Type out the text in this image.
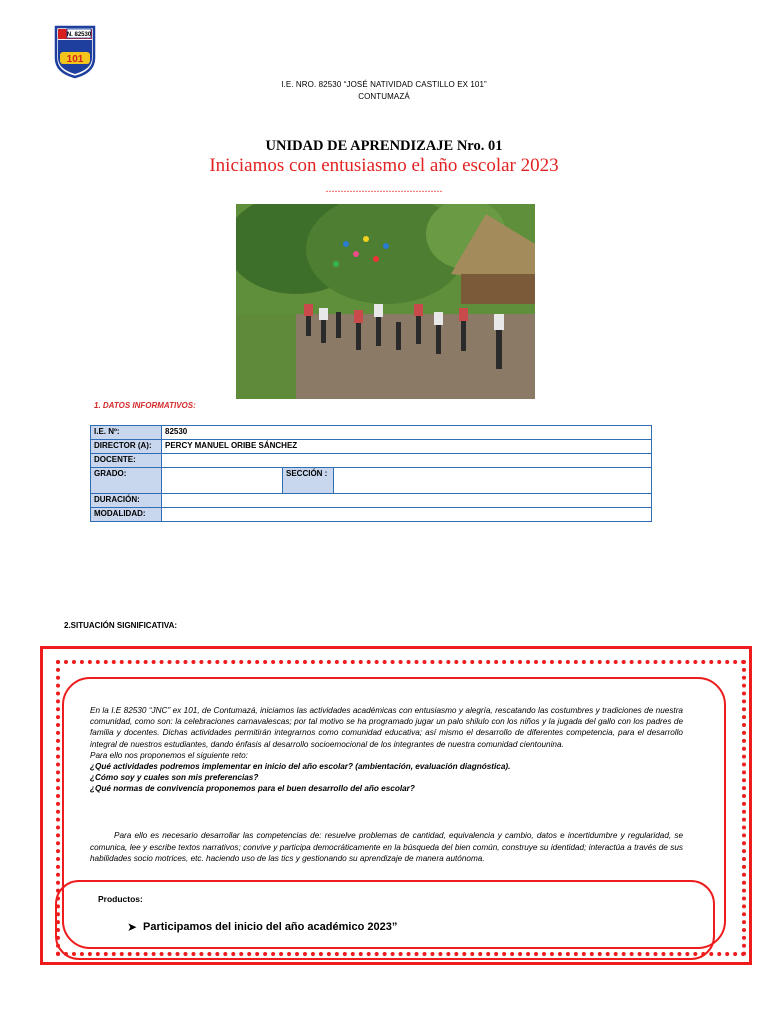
N. 82530
101
I.E. NRO. 82530 “JOSÉ NATIVIDAD CASTILLO EX 101”
CONTUMAZÁ
UNIDAD DE APRENDIZAJE Nro. 01
Iniciamos con entusiasmo el año escolar 2023
.......................................
1. DATOS INFORMATIVOS:
I.E. Nº:	82530		
DIRECTOR (A):	PERCY MANUEL ORIBE SÁNCHEZ		
DOCENTE:			
GRADO:		SECCIÓN :	
DURACIÓN:			
MODALIDAD:			
2.SITUACIÓN SIGNIFICATIVA:

En la I.E 82530 “JNC” ex 101, de Contumazá, iniciamos las actividades académicas con entusiasmo y alegría, rescatando las costumbres y tradiciones de nuestra comunidad, como son: la celebraciones carnavalescas; por tal motivo se ha programado jugar un palo shilulo con los niños y la jugada del gallo con los padres de familia y docentes. Dichas actividades permitirán integrarnos como comunidad educativa; así mismo el desarrollo de diferentes competencia, para el desarrollo integral de nuestros estudiantes, dando énfasis al desarrollo socioemocional de los integrantes de nuestra comunidad cientounina.

Para ello nos proponemos el siguiente reto:

¿Qué actividades podremos implementar en inicio del año escolar? (ambientación, evaluación diagnóstica).

¿Cómo soy y cuales son mis preferencias?

¿Qué normas de convivencia proponemos para el buen desarrollo del año escolar?

Para ello es necesario desarrollar las competencias de: resuelve problemas de cantidad, equivalencia y cambio, datos e incertidumbre y regularidad, se comunica, lee y escribe textos narrativos; convive y participa democráticamente en la búsqueda del bien común, construye su identidad; interactúa a través de sus habilidades socio motrices, etc. haciendo uso de las tics y gestionando su aprendizaje de manera autónoma.
Productos:
➤ Participamos del inicio del año académico 2023”
